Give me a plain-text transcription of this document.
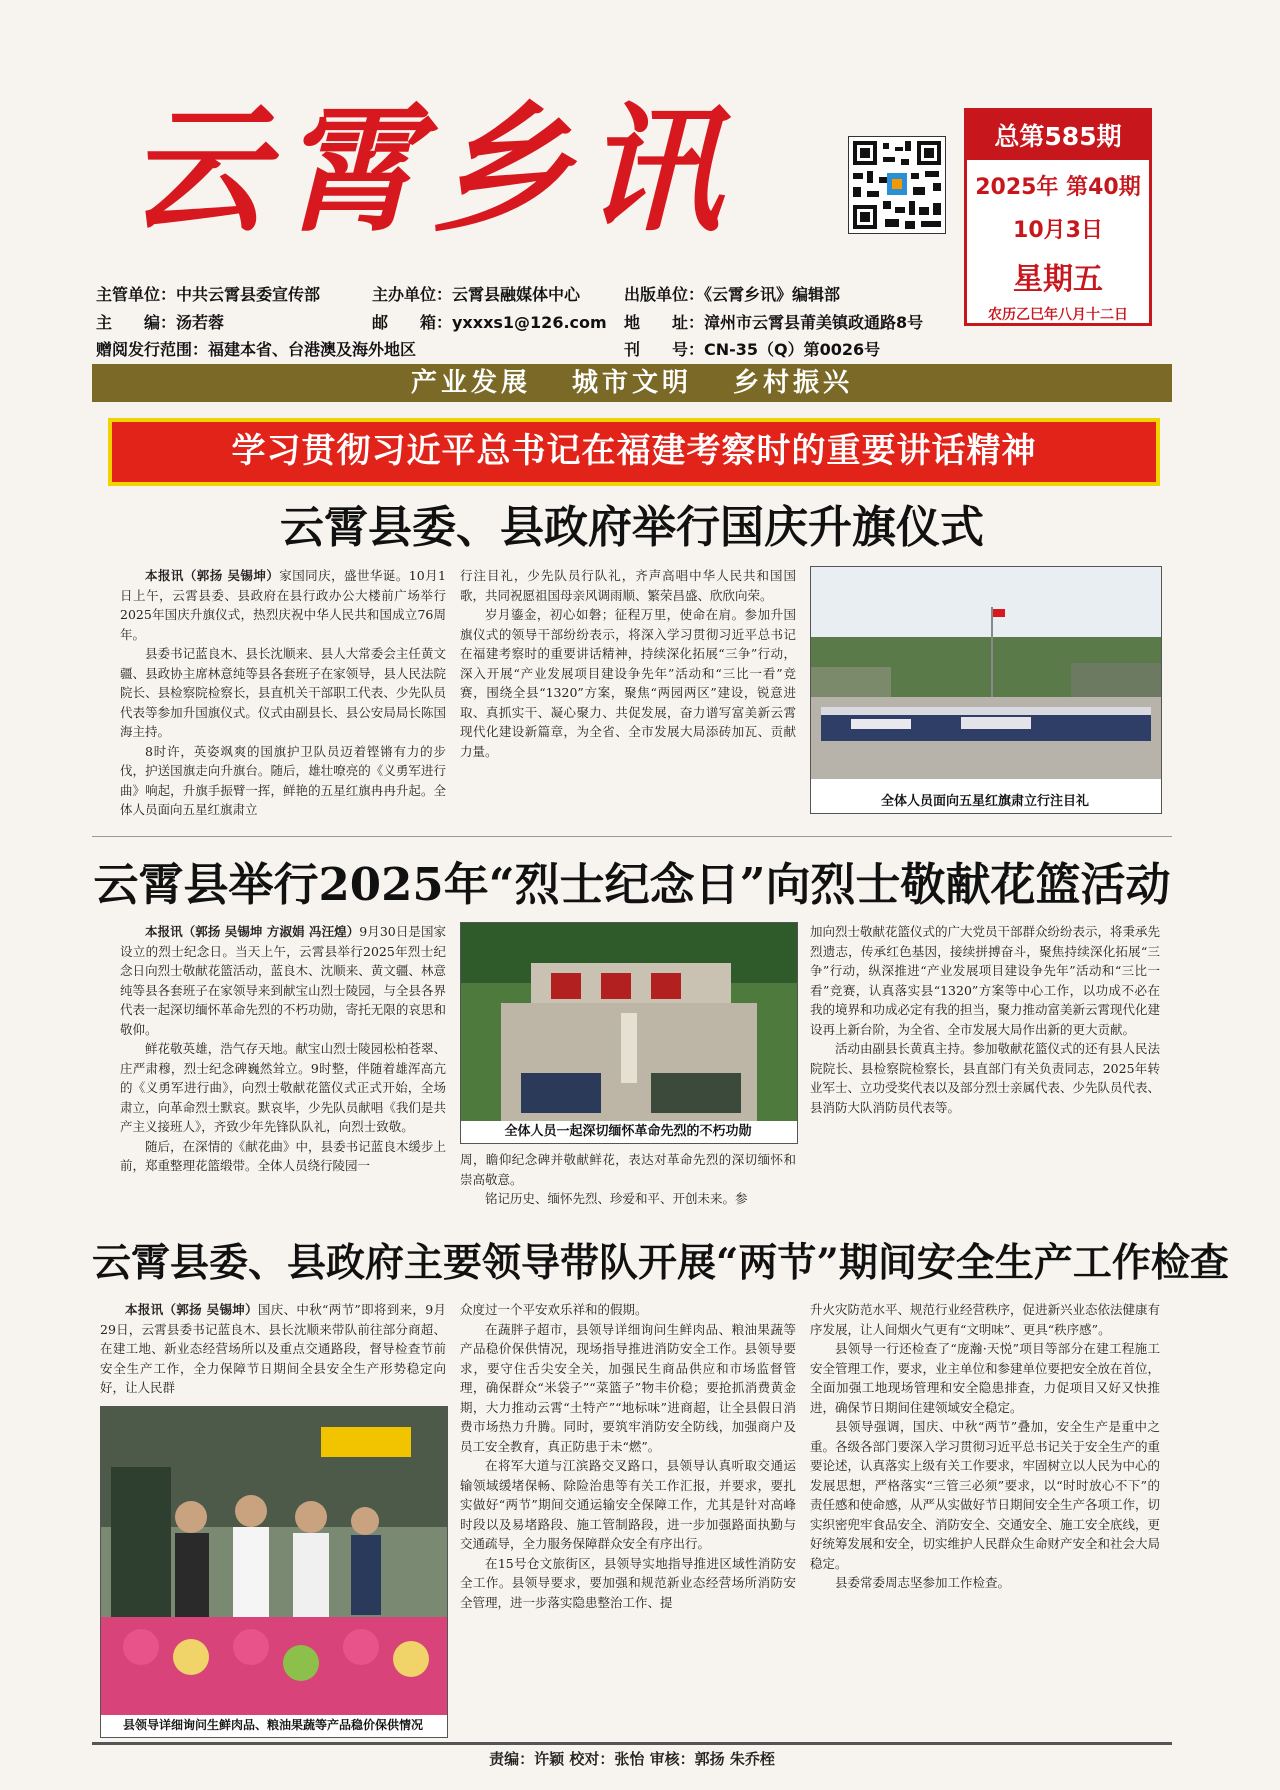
云霄乡讯	总第585期
2025年 第40期
10月3日
星期五
农历乙巳年八月十二日
主管单位：中共云霄县委宣传部	主办单位：云霄县融媒体中心	出版单位：《云霄乡讯》编辑部
主　　编：汤若蓉	邮　　箱：yxxxs1@126.com 地　　址：漳州市云霄县莆美镇政通路8号
赠阅发行范围：福建本省、台港澳及海外地区	刊　　号：CN-35（Q）第0026号
产业发展 城市文明 乡村振兴
学习贯彻习近平总书记在福建考察时的重要讲话精神
云霄县委、县政府举行国庆升旗仪式

本报讯（郭扬 吴锡坤）家国同庆，盛世华诞。10月1日上午，云霄县委、县政府在县行政办公大楼前广场举行2025年国庆升旗仪式，热烈庆祝中华人民共和国成立76周年。

县委书记蓝良木、县长沈顺来、县人大常委会主任黄文疆、县政协主席林意纯等县各套班子在家领导，县人民法院院长、县检察院检察长，县直机关干部职工代表、少先队员代表等参加升国旗仪式。仪式由副县长、县公安局局长陈国海主持。

8时许，英姿飒爽的国旗护卫队员迈着铿锵有力的步伐，护送国旗走向升旗台。随后，雄壮嘹亮的《义勇军进行曲》响起，升旗手振臂一挥，鲜艳的五星红旗冉冉升起。全体人员面向五星红旗肃立

行注目礼，少先队员行队礼，齐声高唱中华人民共和国国歌，共同祝愿祖国母亲风调雨顺、繁荣昌盛、欣欣向荣。

岁月鎏金，初心如磐；征程万里，使命在肩。参加升国旗仪式的领导干部纷纷表示，将深入学习贯彻习近平总书记在福建考察时的重要讲话精神，持续深化拓展“三争”行动，深入开展“产业发展项目建设争先年”活动和“三比一看”竞赛，围绕全县“1320”方案，聚焦“两园两区”建设，锐意进取、真抓实干、凝心聚力、共促发展，奋力谱写富美新云霄现代化建设新篇章，为全省、全市发展大局添砖加瓦、贡献力量。

全体人员面向五星红旗肃立行注目礼
云霄县举行2025年“烈士纪念日”向烈士敬献花篮活动

本报讯（郭扬 吴锡坤 方淑娟 冯汪煌）9月30日是国家设立的烈士纪念日。当天上午，云霄县举行2025年烈士纪念日向烈士敬献花篮活动，蓝良木、沈顺来、黄文疆、林意纯等县各套班子在家领导来到献宝山烈士陵园，与全县各界代表一起深切缅怀革命先烈的不朽功勋，寄托无限的哀思和敬仰。

鲜花敬英雄，浩气存天地。献宝山烈士陵园松柏苍翠、庄严肃穆，烈士纪念碑巍然耸立。9时整，伴随着雄浑高亢的《义勇军进行曲》，向烈士敬献花篮仪式正式开始，全场肃立，向革命烈士默哀。默哀毕，少先队员献唱《我们是共产主义接班人》，齐致少年先锋队队礼，向烈士致敬。

随后，在深情的《献花曲》中，县委书记蓝良木缓步上前，郑重整理花篮缎带。全体人员绕行陵园一

全体人员一起深切缅怀革命先烈的不朽功勋

周，瞻仰纪念碑并敬献鲜花，表达对革命先烈的深切缅怀和崇高敬意。

铭记历史、缅怀先烈、珍爱和平、开创未来。参

加向烈士敬献花篮仪式的广大党员干部群众纷纷表示，将秉承先烈遗志，传承红色基因，接续拼搏奋斗，聚焦持续深化拓展“三争”行动，纵深推进“产业发展项目建设争先年”活动和“三比一看”竞赛，认真落实县“1320”方案等中心工作，以功成不必在我的境界和功成必定有我的担当，聚力推动富美新云霄现代化建设再上新台阶，为全省、全市发展大局作出新的更大贡献。

活动由副县长黄真主持。参加敬献花篮仪式的还有县人民法院院长、县检察院检察长，县直部门有关负责同志，2025年转业军士、立功受奖代表以及部分烈士亲属代表、少先队员代表、县消防大队消防员代表等。

云霄县委、县政府主要领导带队开展“两节”期间安全生产工作检查

本报讯（郭扬 吴锡坤）国庆、中秋“两节”即将到来，9月29日，云霄县委书记蓝良木、县长沈顺来带队前往部分商超、在建工地、新业态经营场所以及重点交通路段，督导检查节前安全生产工作，全力保障节日期间全县安全生产形势稳定向好，让人民群

县领导详细询问生鲜肉品、粮油果蔬等产品稳价保供情况

众度过一个平安欢乐祥和的假期。

在蔬胖子超市，县领导详细询问生鲜肉品、粮油果蔬等产品稳价保供情况，现场指导推进消防安全工作。县领导要求，要守住舌尖安全关，加强民生商品供应和市场监督管理，确保群众“米袋子”“菜篮子”物丰价稳；要抢抓消费黄金期，大力推动云霄“土特产”“地标味”进商超，让全县假日消费市场热力升腾。同时，要筑牢消防安全防线，加强商户及员工安全教育，真正防患于未“燃”。

在将军大道与江滨路交叉路口，县领导认真听取交通运输领域缓堵保畅、除险治患等有关工作汇报，并要求，要扎实做好“两节”期间交通运输安全保障工作，尤其是针对高峰时段以及易堵路段、施工管制路段，进一步加强路面执勤与交通疏导，全力服务保障群众安全有序出行。

在15号仓文旅街区，县领导实地指导推进区域性消防安全工作。县领导要求，要加强和规范新业态经营场所消防安全管理，进一步落实隐患整治工作、提

升火灾防范水平、规范行业经营秩序，促进新兴业态依法健康有序发展，让人间烟火气更有“文明味”、更具“秩序感”。

县领导一行还检查了“庞瀚·天悦”项目等部分在建工程施工安全管理工作，要求，业主单位和参建单位要把安全放在首位，全面加强工地现场管理和安全隐患排查，力促项目又好又快推进，确保节日期间住建领域安全稳定。

县领导强调，国庆、中秋“两节”叠加，安全生产是重中之重。各级各部门要深入学习贯彻习近平总书记关于安全生产的重要论述，认真落实上级有关工作要求，牢固树立以人民为中心的发展思想，严格落实“三管三必须”要求，以“时时放心不下”的责任感和使命感，从严从实做好节日期间安全生产各项工作，切实织密兜牢食品安全、消防安全、交通安全、施工安全底线，更好统筹发展和安全，切实维护人民群众生命财产安全和社会大局稳定。

县委常委周志坚参加工作检查。

责编：许颖 校对：张怡 审核：郭扬 朱乔桎
